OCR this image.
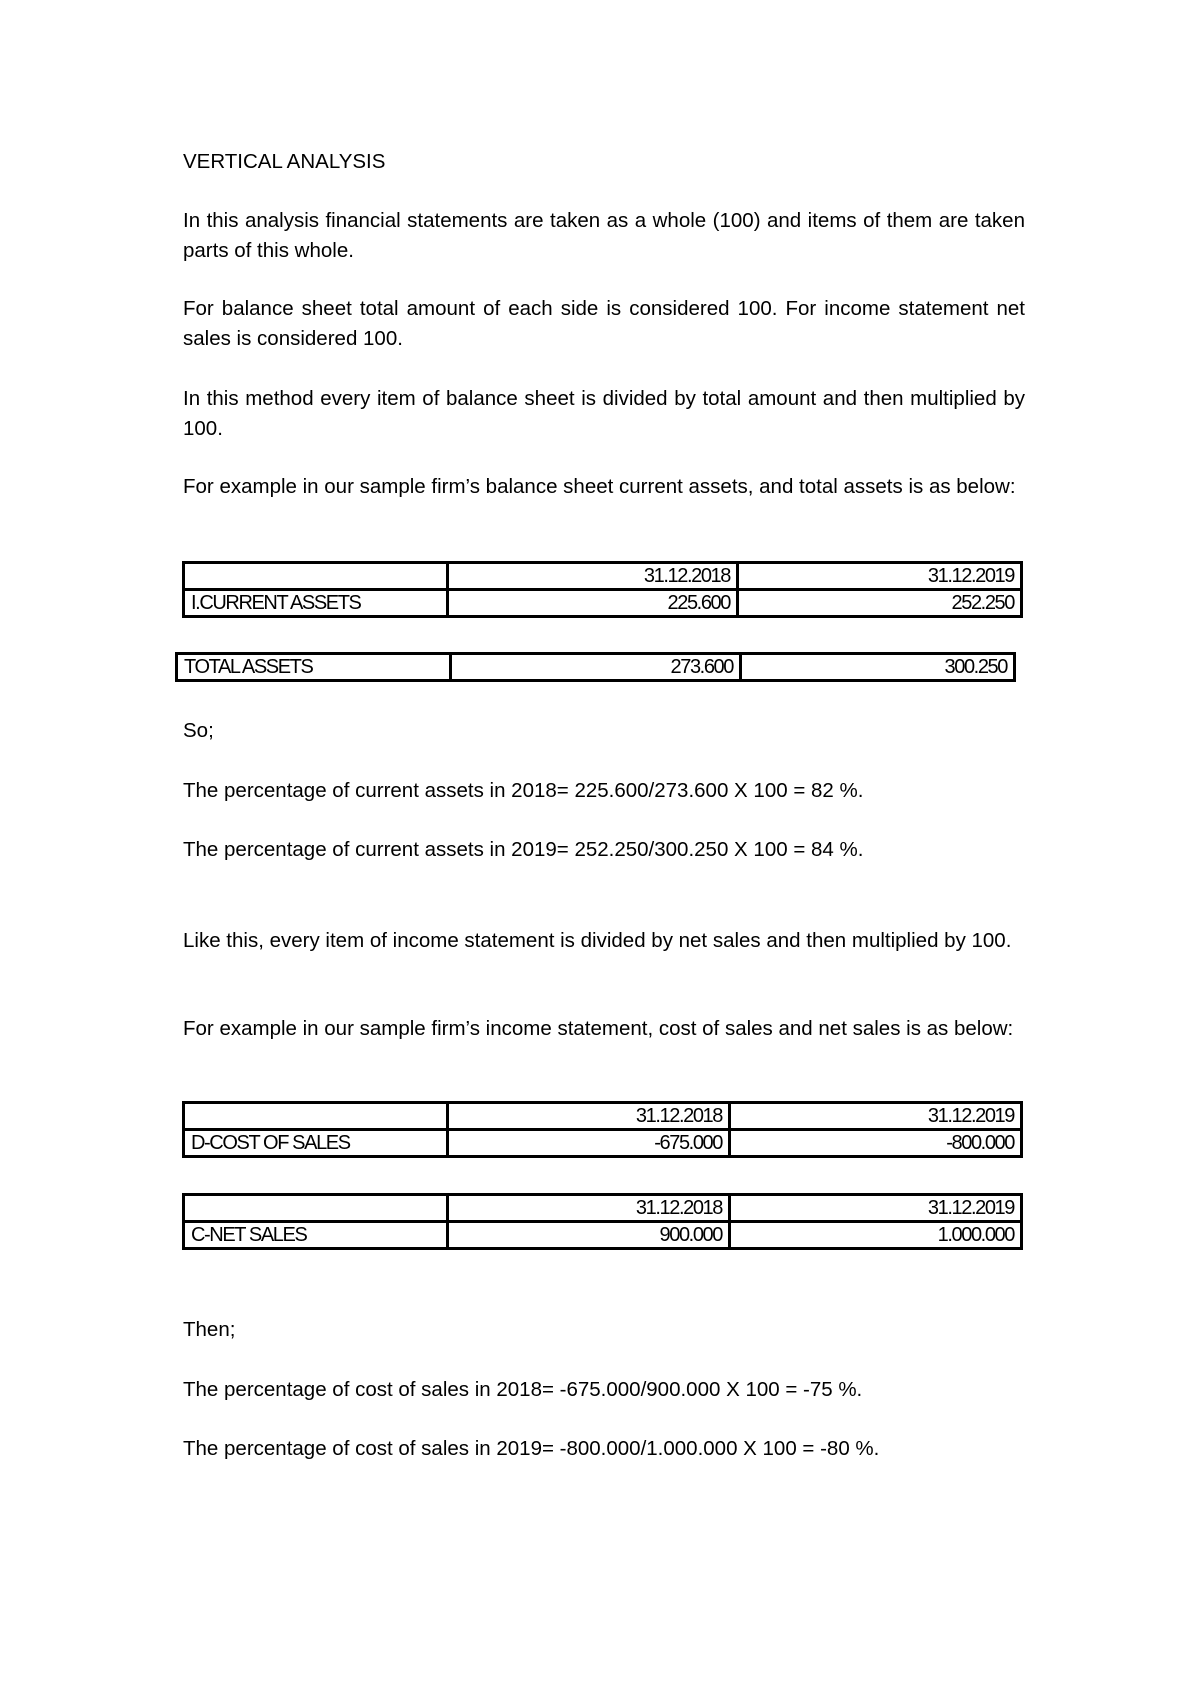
VERTICAL ANALYSIS

In this analysis financial statements are taken as a whole (100) and items of them are taken parts of this whole.

For balance sheet total amount of each side is considered 100. For income statement net sales is considered 100.

In this method every item of balance sheet is divided by total amount and then multiplied by 100.

For example in our sample firm’s balance sheet current assets, and total assets is as below:

	31.12.2018	31.12.2019
I.CURRENT ASSETS	225.600	252.250
TOTAL ASSETS	273.600	300.250

So;

The percentage of current assets in 2018= 225.600/273.600 X 100 = 82 %.

The percentage of current assets in 2019= 252.250/300.250 X 100 = 84 %.

Like this, every item of income statement is divided by net sales and then multiplied by 100.

For example in our sample firm’s income statement, cost of sales and net sales is as below:

	31.12.2018	31.12.2019
D-COST OF SALES	-675.000	-800.000
	31.12.2018	31.12.2019
C-NET SALES	900.000	1.000.000

Then;

The percentage of cost of sales in 2018= -675.000/900.000 X 100 = -75 %.

The percentage of cost of sales in 2019= -800.000/1.000.000 X 100 = -80 %.
